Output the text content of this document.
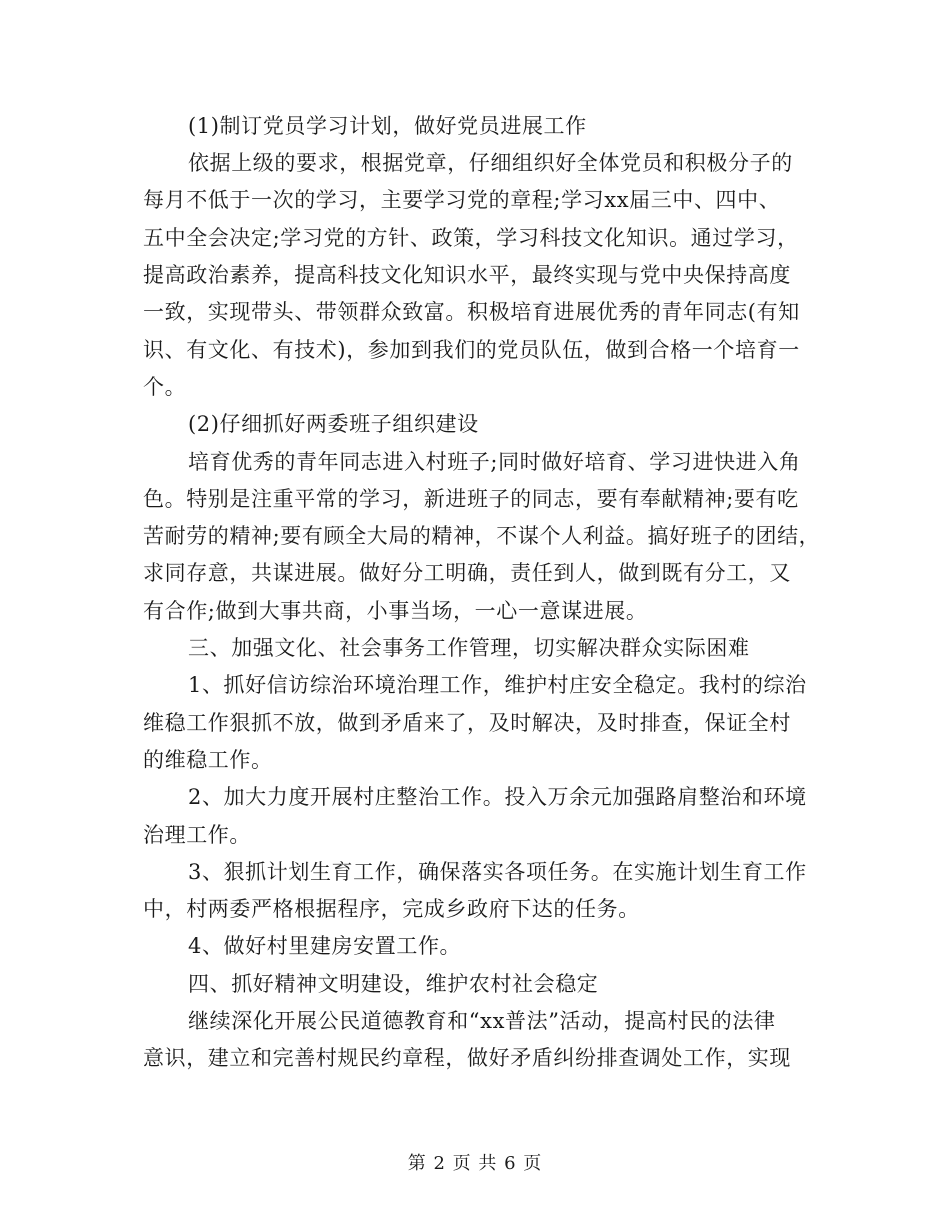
(1)制订党员学习计划，做好党员进展工作
依据上级的要求，根据党章，仔细组织好全体党员和积极分子的
每月不低于一次的学习，主要学习党的章程;学习xx届三中、四中、
五中全会决定;学习党的方针、政策，学习科技文化知识。通过学习，
提高政治素养，提高科技文化知识水平，最终实现与党中央保持高度
一致，实现带头、带领群众致富。积极培育进展优秀的青年同志(有知
识、有文化、有技术)，参加到我们的党员队伍，做到合格一个培育一
个。
(2)仔细抓好两委班子组织建设
培育优秀的青年同志进入村班子;同时做好培育、学习进快进入角
色。特别是注重平常的学习，新进班子的同志，要有奉献精神;要有吃
苦耐劳的精神;要有顾全大局的精神，不谋个人利益。搞好班子的团结，
求同存意，共谋进展。做好分工明确，责任到人，做到既有分工，又
有合作;做到大事共商，小事当场，一心一意谋进展。
三、加强文化、社会事务工作管理，切实解决群众实际困难
1、抓好信访综治环境治理工作，维护村庄安全稳定。我村的综治
维稳工作狠抓不放，做到矛盾来了，及时解决，及时排查，保证全村
的维稳工作。
2、加大力度开展村庄整治工作。投入万余元加强路肩整治和环境
治理工作。
3、狠抓计划生育工作，确保落实各项任务。在实施计划生育工作
中，村两委严格根据程序，完成乡政府下达的任务。
4、做好村里建房安置工作。
四、抓好精神文明建设，维护农村社会稳定
继续深化开展公民道德教育和“xx普法”活动，提高村民的法律
意识，建立和完善村规民约章程，做好矛盾纠纷排查调处工作，实现
第 2 页 共 6 页
